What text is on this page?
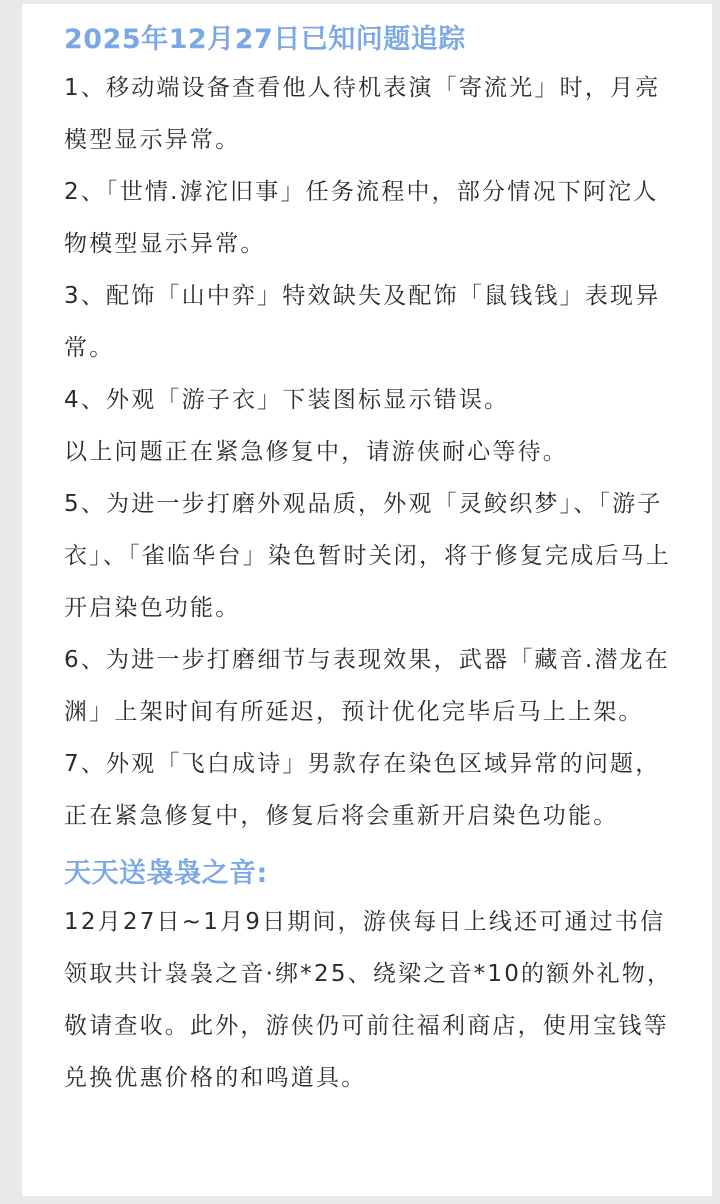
2025年12月27日已知问题追踪

1、移动端设备查看他人待机表演「寄流光」时，月亮模型显示异常。

2、「世情.滹沱旧事」任务流程中，部分情况下阿沱人物模型显示异常。

3、配饰「山中弈」特效缺失及配饰「鼠钱钱」表现异常。

4、外观「游子衣」下装图标显示错误。

以上问题正在紧急修复中，请游侠耐心等待。

5、为进一步打磨外观品质，外观「灵鲛织梦」、「游子衣」、「雀临华台」染色暂时关闭，将于修复完成后马上开启染色功能。

6、为进一步打磨细节与表现效果，武器「藏音.潜龙在渊」上架时间有所延迟，预计优化完毕后马上上架。

7、外观「飞白成诗」男款存在染色区域异常的问题，正在紧急修复中，修复后将会重新开启染色功能。

天天送袅袅之音:

12月27日~1月9日期间，游侠每日上线还可通过书信领取共计袅袅之音·绑*25、绕梁之音*10的额外礼物，敬请查收。此外，游侠仍可前往福利商店，使用宝钱等兑换优惠价格的和鸣道具。
